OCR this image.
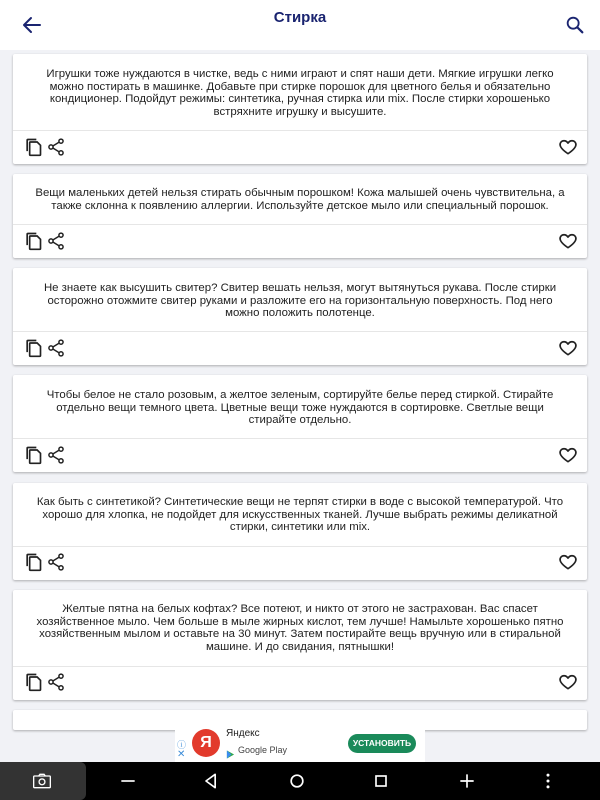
Стирка
Игрушки тоже нуждаются в чистке, ведь с ними играют и спят наши дети. Мягкие игрушки легко можно постирать в машинке. Добавьте при стирке порошок для цветного белья и обязательно кондиционер. Подойдут режимы: синтетика, ручная стирка или mix. После стирки хорошенько встряхните игрушку и высушите.
Вещи маленьких детей нельзя стирать обычным порошком! Кожа малышей очень чувствительна, а также склонна к появлению аллергии. Используйте детское мыло или специальный порошок.
Не знаете как высушить свитер? Свитер вешать нельзя, могут вытянуться рукава. После стирки осторожно отожмите свитер руками и разложите его на горизонтальную поверхность. Под него можно положить полотенце.
Чтобы белое не стало розовым, а желтое зеленым, сортируйте белье перед стиркой. Стирайте отдельно вещи темного цвета. Цветные вещи тоже нуждаются в сортировке. Светлые вещи стирайте отдельно.
Как быть с синтетикой? Синтетические вещи не терпят стирки в воде с высокой температурой. Что хорошо для хлопка, не подойдет для искусственных тканей. Лучше выбрать режимы деликатной стирки, синтетики или mix.
Желтые пятна на белых кофтах? Все потеют, и никто от этого не застрахован. Вас спасет хозяйственное мыло. Чем больше в мыле жирных кислот, тем лучше! Намыльте хорошенько пятно хозяйственным мылом и оставьте на 30 минут. Затем постирайте вещь вручную или в стиральной машине. И до свидания, пятнышки!
ⓘ
✕
Я
Яндекс
Google Play
УСТАНОВИТЬ
